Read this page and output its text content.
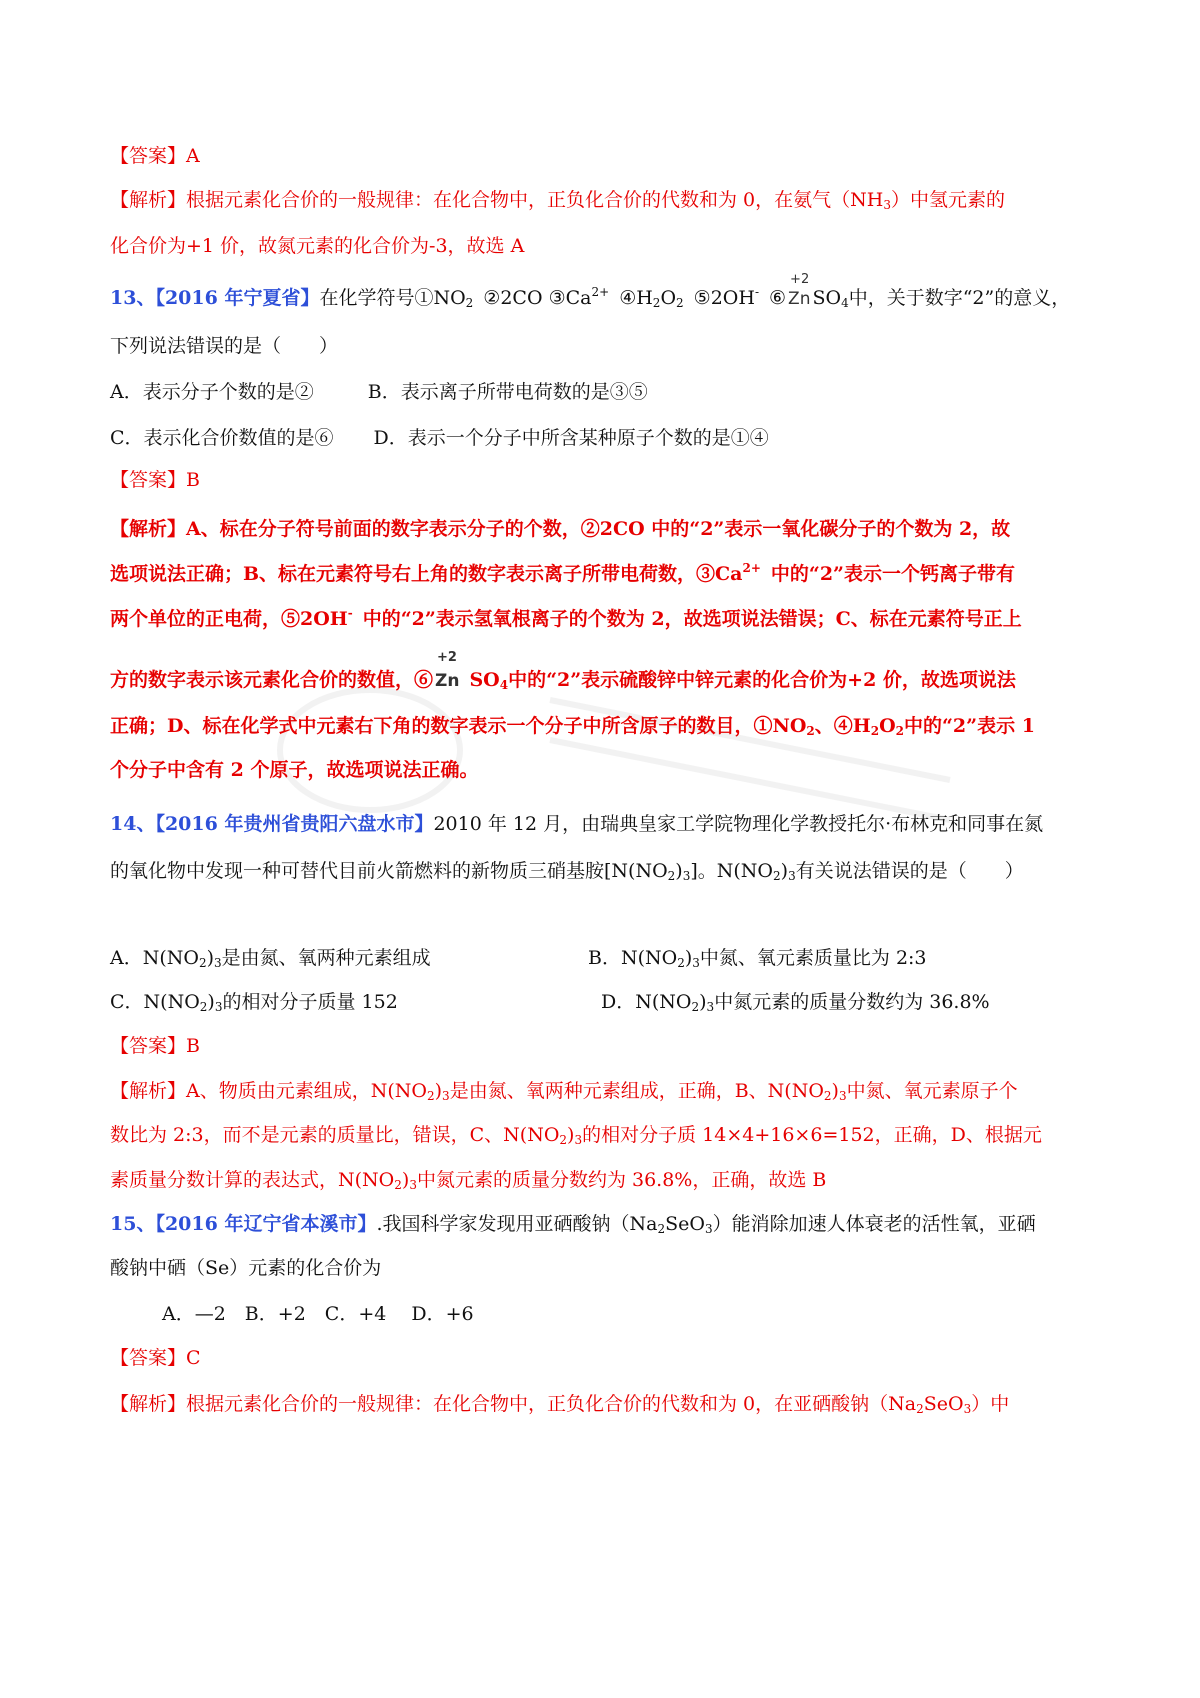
【答案】A
【解析】根据元素化合价的一般规律：在化合物中，正负化合价的代数和为 0，在氨气$(NH_3)$中氢元素的
化合价为+1 价，故氮元素的化合价为-3，故选 A
13、【2016 年宁夏省】在化学符号$①NO_2$ ②2CO $③Ca^{2+}$ $④H_2O_2$ ⑤2OH- ⑥
+2
Zn $SO_4$中，关于数字“2”的意义，
下列说法错误的是（　　）
A．表示分子个数的是②	B．表示离子所带电荷数的是③⑤
C．表示化合价数值的是⑥ D．表示一个分子中所含某种原子个数的是①④
【答案】B
【解析】A、标在分子符号前面的数字表示分子的个数，②2CO 中的“2”表示一氧化碳分子的个数为 2，故
选项说法正确；B、标在元素符号右上角的数字表示离子所带电荷数，$③Ca^{2+}$ 中的“2”表示一个钙离子带有
两个单位的正电荷，⑤2OH- 中的“2”表示氢氧根离子的个数为 2，故选项说法错误；C、标在元素符号正上
方的数字表示该元素化合价的数值，⑥
+2
Zn $SO_4$中的“2”表示硫酸锌中锌元素的化合价为+2 价，故选项说法
正确；D、标在化学式中元素右下角的数字表示一个分子中所含原子的数目，$①NO_2$、$④H_2O_2$中的“2”表示 1
个分子中含有 2 个原子，故选项说法正确。
14、【2016 年贵州省贵阳六盘水市】2010 年 12 月，由瑞典皇家工学院物理化学教授托尔·布林克和同事在氮
的氧化物中发现一种可替代目前火箭燃料的新物质三硝基胺$[N(NO_2)_3]$。$N(NO_2)_3$有关说法错误的是（　　）
A．$N(NO_2)_3$是由氮、氧两种元素组成	B．$N(NO_2)_3$中氮、氧元素质量比为 2:3
C．$N(NO_2)_3$的相对分子质量 152	D．$N(NO_2)_3$中氮元素的质量分数约为 36.8%
【答案】B
【解析】A、物质由元素组成，$N(NO_2)_3$是由氮、氧两种元素组成，正确，B、$N(NO_2)_3$中氮、氧元素原子个
数比为 2:3，而不是元素的质量比，错误，C、$N(NO_2)_3$的相对分子质 14×4+16×6=152，正确，D、根据元
素质量分数计算的表达式，$N(NO_2)_3$中氮元素的质量分数约为 36.8%，正确，故选 B
15、【2016 年辽宁省本溪市】.我国科学家发现用亚硒酸钠$(Na_2SeO_3)$能消除加速人体衰老的活性氧，亚硒
酸钠中硒（Se）元素的化合价为
A．—2　B．+2　C．+4　 D．+6
【答案】C
【解析】根据元素化合价的一般规律：在化合物中，正负化合价的代数和为 0，在亚硒酸钠$(Na_2SeO_3)$中
